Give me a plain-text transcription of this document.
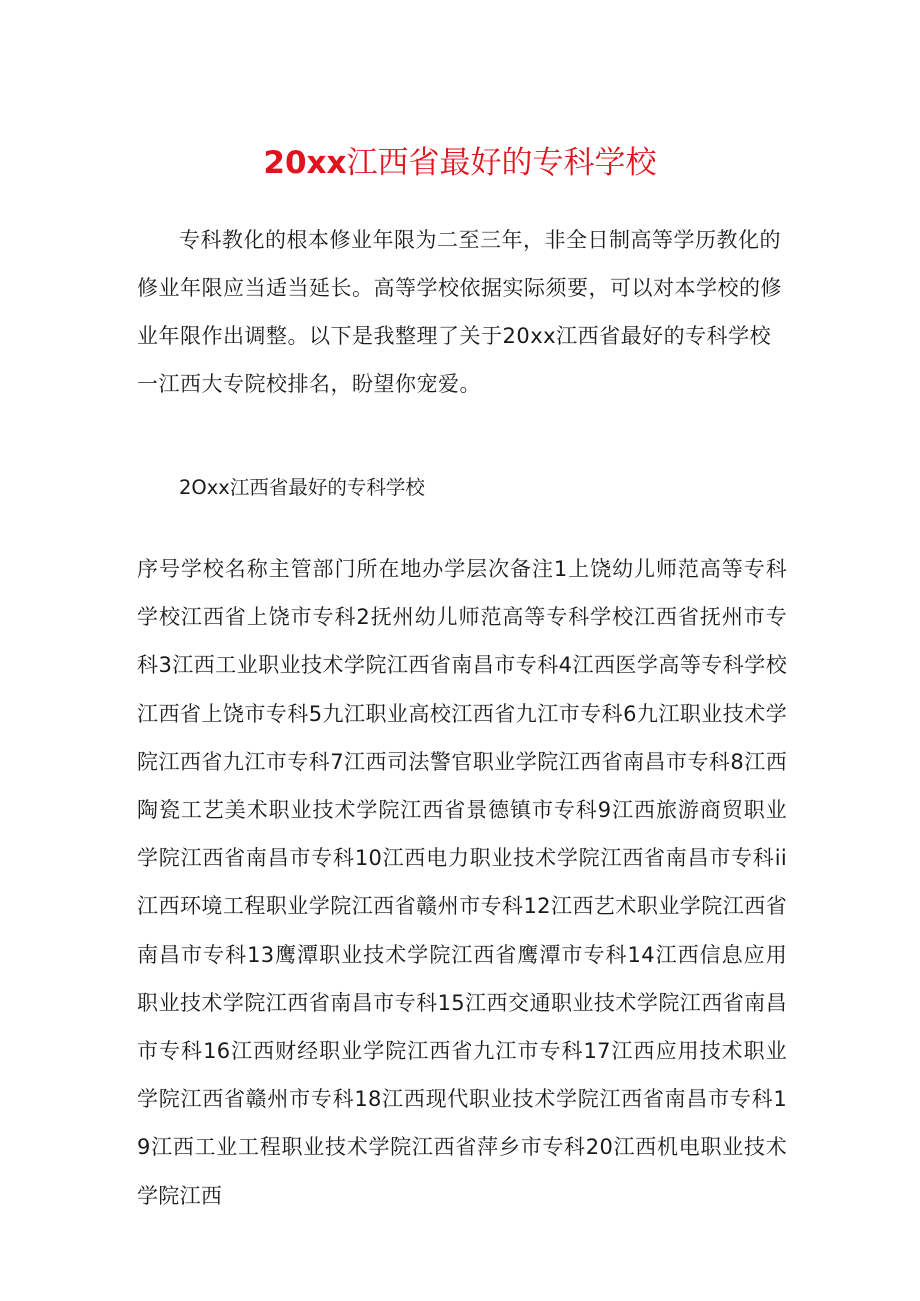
20xx江西省最好的专科学校

专科教化的根本修业年限为二至三年，非全日制高等学历教化的修业年限应当适当延长。高等学校依据实际须要，可以对本学校的修业年限作出调整。以下是我整理了关于20xx江西省最好的专科学校一江西大专院校排名，盼望你宠爱。

2Oxx江西省最好的专科学校

序号学校名称主管部门所在地办学层次备注1上饶幼儿师范高等专科学校江西省上饶市专科2抚州幼儿师范高等专科学校江西省抚州市专科3江西工业职业技术学院江西省南昌市专科4江西医学高等专科学校江西省上饶市专科5九江职业高校江西省九江市专科6九江职业技术学院江西省九江市专科7江西司法警官职业学院江西省南昌市专科8江西陶瓷工艺美术职业技术学院江西省景德镇市专科9江西旅游商贸职业学院江西省南昌市专科10江西电力职业技术学院江西省南昌市专科ii江西环境工程职业学院江西省赣州市专科12江西艺术职业学院江西省南昌市专科13鹰潭职业技术学院江西省鹰潭市专科14江西信息应用职业技术学院江西省南昌市专科15江西交通职业技术学院江西省南昌市专科16江西财经职业学院江西省九江市专科17江西应用技术职业学院江西省赣州市专科18江西现代职业技术学院江西省南昌市专科19江西工业工程职业技术学院江西省萍乡市专科20江西机电职业技术学院江西
